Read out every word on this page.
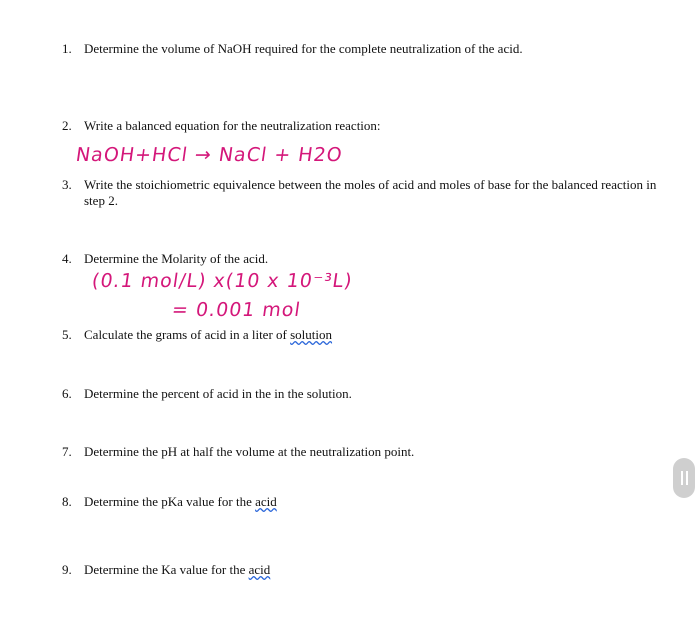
1. Determine the volume of NaOH required for the complete neutralization of the acid.
2. Write a balanced equation for the neutralization reaction:
NaOH+HCl → NaCl + H2O
3. Write the stoichiometric equivalence between the moles of acid and moles of base for the balanced reaction in step 2.
4. Determine the Molarity of the acid.
(0.1 mol/L) x(10 x 10⁻³L)
= 0.001 mol
5. Calculate the grams of acid in a liter of solution
6. Determine the percent of acid in the in the solution.
7. Determine the pH at half the volume at the neutralization point.
8. Determine the pKa value for the acid
9. Determine the Ka value for the acid
